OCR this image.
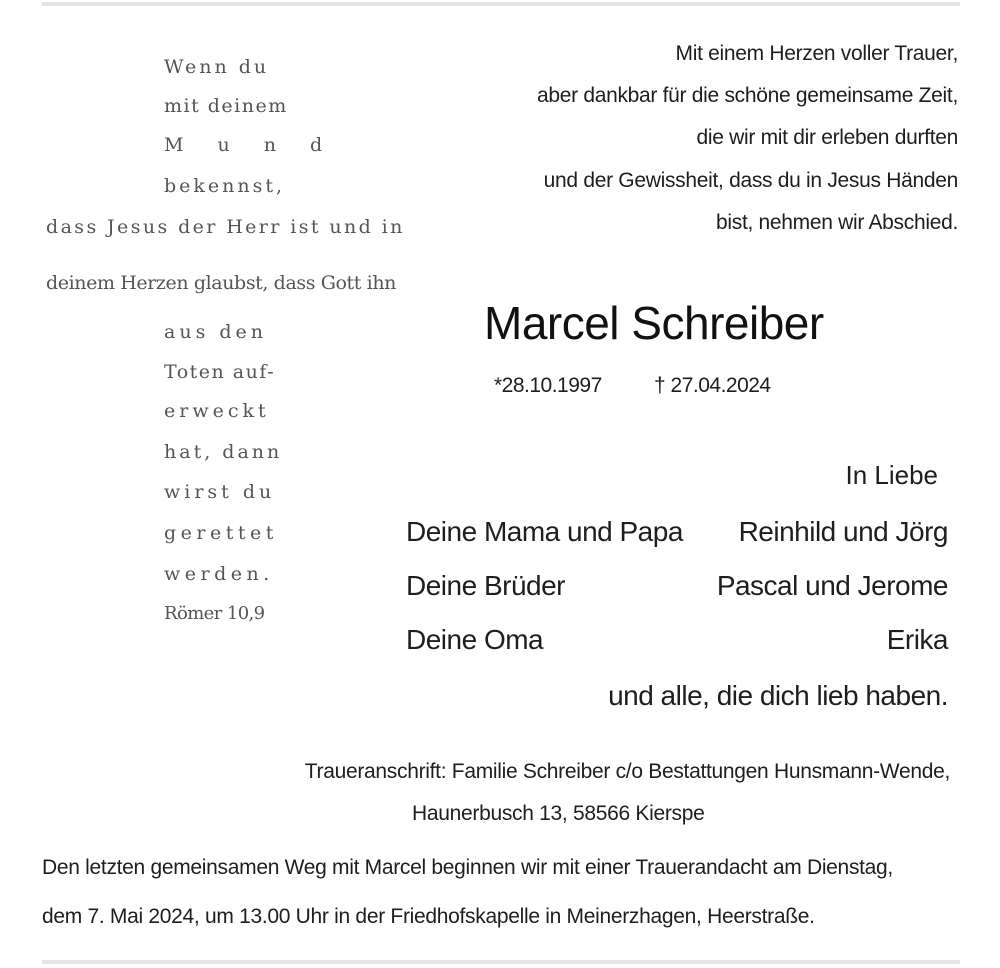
Wenn du
mit deinem
M u n d
bekennst,
dass Jesus der Herr ist und in
deinem Herzen glaubst, dass Gott ihn
aus den
Toten auf-
erweckt
hat, dann
wirst du
gerettet
werden.
Römer 10,9
Mit einem Herzen voller Trauer,
aber dankbar für die schöne gemeinsame Zeit,
die wir mit dir erleben durften
und der Gewissheit, dass du in Jesus Händen
bist, nehmen wir Abschied.
Marcel Schreiber
*28.10.1997 † 27.04.2024
In Liebe
Deine Mama und Papa Reinhild und Jörg
Deine Brüder	Pascal und Jerome
Deine Oma	Erika
und alle, die dich lieb haben.
Traueranschrift: Familie Schreiber c/o Bestattungen Hunsmann-Wende,
Haunerbusch 13, 58566 Kierspe
Den letzten gemeinsamen Weg mit Marcel beginnen wir mit einer Trauerandacht am Dienstag,
dem 7. Mai 2024, um 13.00 Uhr in der Friedhofskapelle in Meinerzhagen, Heerstraße.
